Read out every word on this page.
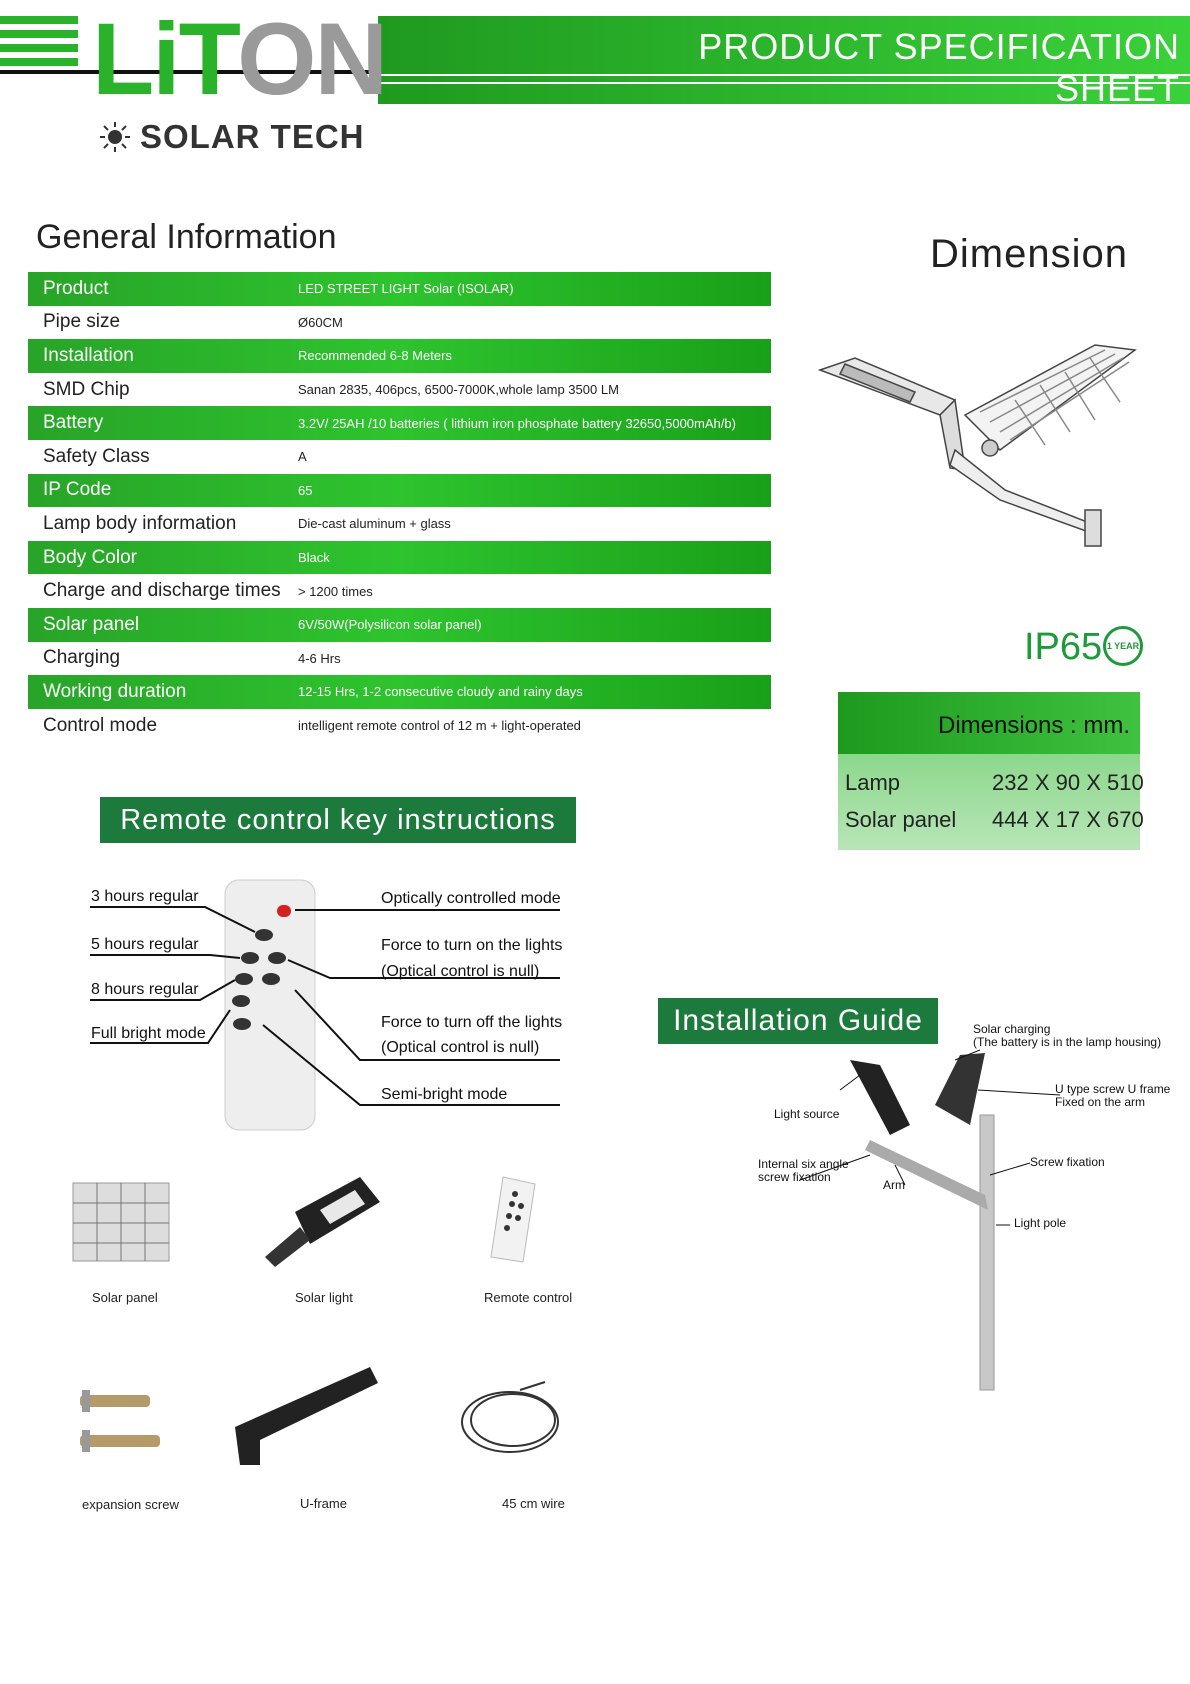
PRODUCT SPECIFICATION SHEET
LiTON
SOLAR TECH
General Information
Product	LED STREET LIGHT Solar (ISOLAR)
Pipe size	Ø60CM
Installation	Recommended 6-8 Meters
SMD Chip	Sanan 2835, 406pcs, 6500-7000K,whole lamp 3500 LM
Battery	3.2V/ 25AH /10 batteries ( lithium iron phosphate battery 32650,5000mAh/b)
Safety Class	A
IP Code	65
Lamp body information	Die-cast aluminum + glass
Body Color	Black
Charge and discharge times	> 1200 times
Solar panel	6V/50W(Polysilicon solar panel)
Charging	4-6 Hrs
Working duration	12-15 Hrs, 1-2 consecutive cloudy and rainy days
Control mode	intelligent remote control of 12 m + light-operated
Dimension
IP65 1 YEAR
Dimensions : mm.
Lamp	232 X 90 X 510
Solar panel 444 X 17 X 670
Remote control key instructions
3 hours regular
5 hours regular
8 hours regular
Full bright mode
Optically controlled mode
Force to turn on the lights
(Optical control is null)
Force to turn off the lights
(Optical control is null)
Semi-bright mode
Installation Guide	Solar charging
(The battery is in the lamp housing)
U type screw U frame
Fixed on the arm
Light source
Internal six angle
screw fixation
Arm
Screw fixation
Light pole
Solar panel	Solar light	Remote control
expansion screw	U-frame	45 cm wire
